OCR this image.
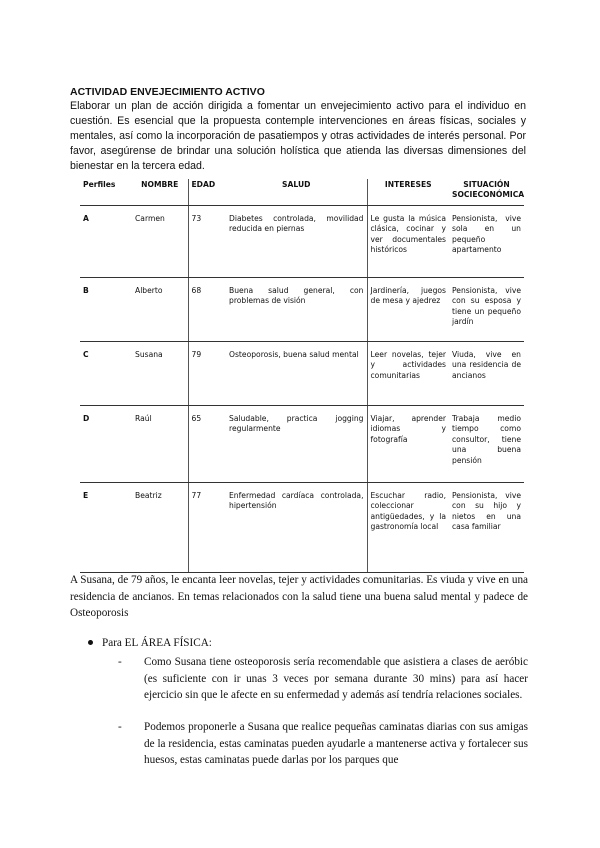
ACTIVIDAD ENVEJECIMIENTO ACTIVO
Elaborar un plan de acción dirigida a fomentar un envejecimiento activo para el individuo en cuestión. Es esencial que la propuesta contemple intervenciones en áreas físicas, sociales y mentales, así como la incorporación de pasatiempos y otras actividades de interés personal. Por favor, asegúrense de brindar una solución holística que atienda las diversas dimensiones del bienestar en la tercera edad.
Perfiles	NOMBRE	EDAD	SALUD	INTERESES	SITUACIÓN SOCIECONÓMICA
A	Carmen	73	Diabetes controlada, movilidad reducida en piernas	Le gusta la música clásica, cocinar y ver documentales históricos	Pensionista, vive sola en un pequeño apartamento
B	Alberto	68	Buena salud general, con problemas de visión	Jardinería, juegos de mesa y ajedrez	Pensionista, vive con su esposa y tiene un pequeño jardín
C	Susana	79	Osteoporosis, buena salud mental	Leer novelas, tejer y actividades comunitarias	Viuda, vive en una residencia de ancianos
D	Raúl	65	Saludable, practica jogging regularmente	Viajar, aprender idiomas y fotografía	Trabaja medio tiempo como consultor, tiene una buena pensión
E	Beatriz	77	Enfermedad cardíaca controlada, hipertensión	Escuchar radio, coleccionar antigüedades, y la gastronomía local	Pensionista, vive con su hijo y nietos en una casa familiar
A Susana, de 79 años, le encanta leer novelas, tejer y actividades comunitarias. Es viuda y vive en una residencia de ancianos. En temas relacionados con la salud tiene una buena salud mental y padece de Osteoporosis
Para EL ÁREA FÍSICA:
- Como Susana tiene osteoporosis sería recomendable que asistiera a clases de aeróbic (es suficiente con ir unas 3 veces por semana durante 30 mins) para así hacer ejercicio sin que le afecte en su enfermedad y además así tendría relaciones sociales.
- Podemos proponerle a Susana que realice pequeñas caminatas diarias con sus amigas de la residencia, estas caminatas pueden ayudarle a mantenerse activa y fortalecer sus huesos, estas caminatas puede darlas por los parques que
